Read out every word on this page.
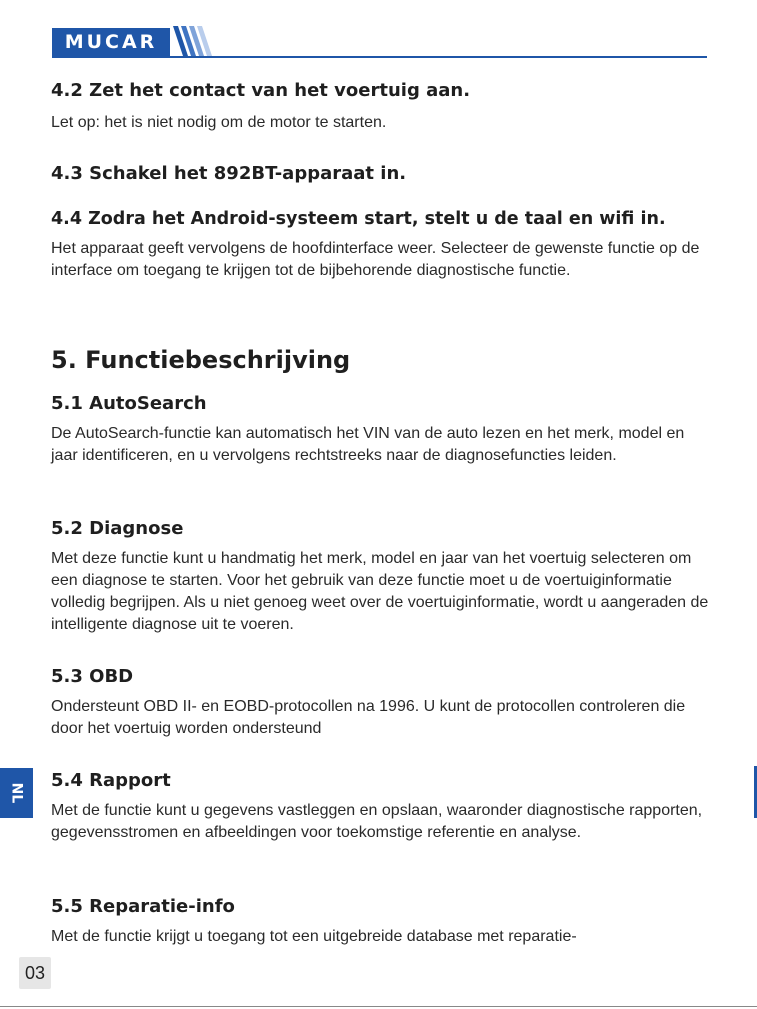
MUCAR
4.2 Zet het contact van het voertuig aan.

Let op: het is niet nodig om de motor te starten.

4.3 Schakel het 892BT-apparaat in.
4.4 Zodra het Android-systeem start, stelt u de taal en wifi in.

Het apparaat geeft vervolgens de hoofdinterface weer. Selecteer de gewenste functie op de interface om toegang te krijgen tot de bijbehorende diagnostische functie.

5. Functiebeschrijving
5.1 AutoSearch

De AutoSearch-functie kan automatisch het VIN van de auto lezen en het merk, model en jaar identificeren, en u vervolgens rechtstreeks naar de diagnosefuncties leiden.

5.2 Diagnose

Met deze functie kunt u handmatig het merk, model en jaar van het voertuig selecteren om een diagnose te starten. Voor het gebruik van deze functie moet u de voertuiginformatie volledig begrijpen. Als u niet genoeg weet over de voertuiginformatie, wordt u aangeraden de intelligente diagnose uit te voeren.

5.3 OBD

Ondersteunt OBD II- en EOBD-protocollen na 1996. U kunt de protocollen controleren die door het voertuig worden ondersteund

5.4 Rapport

Met de functie kunt u gegevens vastleggen en opslaan, waaronder diagnostische rapporten, gegevensstromen en afbeeldingen voor toekomstige referentie en analyse.

5.5 Reparatie-info

Met de functie krijgt u toegang tot een uitgebreide database met reparatie-

NL
03
